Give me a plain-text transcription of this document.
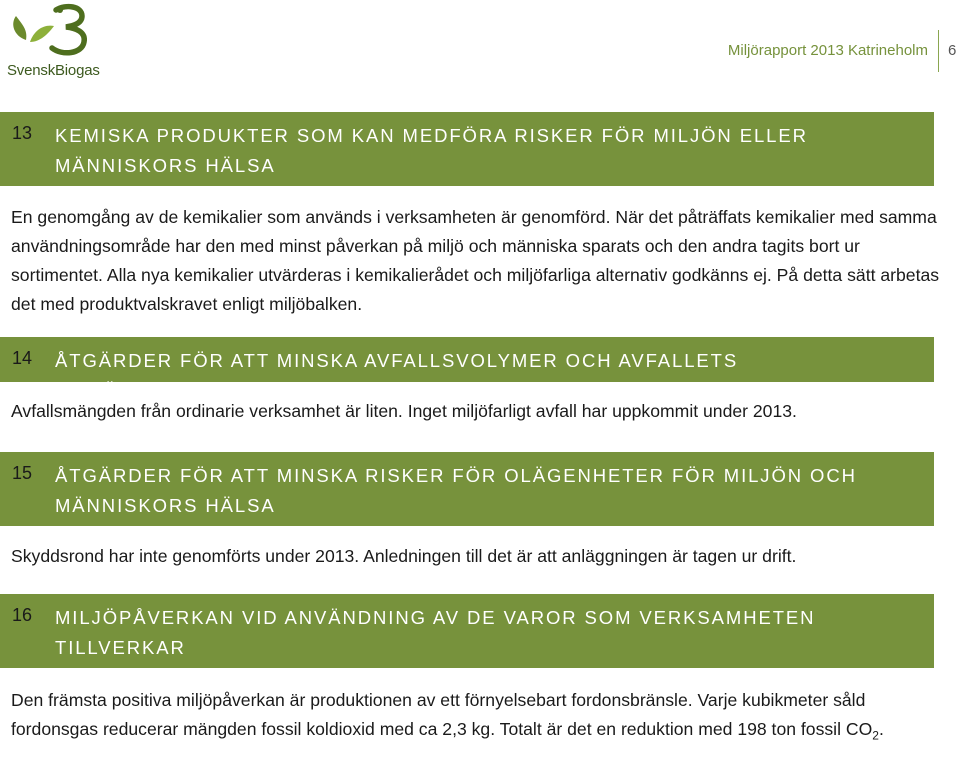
SvenskBiogas
Miljörapport 2013 Katrineholm 6
13 KEMISKA PRODUKTER SOM KAN MEDFÖRA RISKER FÖR MILJÖN ELLER MÄNNISKORS HÄLSA
En genomgång av de kemikalier som används i verksamheten är genomförd. När det påträffats kemikalier med samma användningsområde har den med minst påverkan på miljö och människa sparats och den andra tagits bort ur sortimentet. Alla nya kemikalier utvärderas i kemikalierådet och miljöfarliga alternativ godkänns ej. På detta sätt arbetas det med produktvalskravet enligt miljöbalken.
14 ÅTGÄRDER FÖR ATT MINSKA AVFALLSVOLYMER OCH AVFALLETS MILJÖFARLIGHET
Avfallsmängden från ordinarie verksamhet är liten. Inget miljöfarligt avfall har uppkommit under 2013.
15 ÅTGÄRDER FÖR ATT MINSKA RISKER FÖR OLÄGENHETER FÖR MILJÖN OCH MÄNNISKORS HÄLSA
Skyddsrond har inte genomförts under 2013. Anledningen till det är att anläggningen är tagen ur drift.
16 MILJÖPÅVERKAN VID ANVÄNDNING AV DE VAROR SOM VERKSAMHETEN TILLVERKAR
Den främsta positiva miljöpåverkan är produktionen av ett förnyelsebart fordonsbränsle. Varje kubikmeter såld fordonsgas reducerar mängden fossil koldioxid med ca 2,3 kg. Totalt är det en reduktion med 198 ton fossil $CO_2$.
